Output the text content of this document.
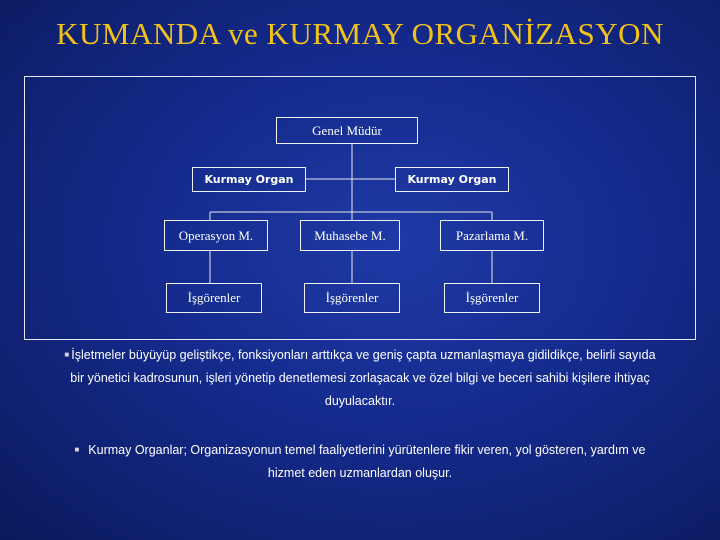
KUMANDA ve KURMAY ORGANİZASYON
Genel Müdür
Kurmay Organ	Kurmay Organ
Operasyon M.	Muhasebe M.	Pazarlama M.
İşgörenler	İşgörenler	İşgörenler
■ İşletmeler büyüyüp geliştikçe, fonksiyonları arttıkça ve geniş çapta uzmanlaşmaya gidildikçe, belirli sayıda
bir yönetici kadrosunun, işleri yönetip denetlemesi zorlaşacak ve özel bilgi ve beceri sahibi kişilere ihtiyaç
duyulacaktır.
■ Kurmay Organlar; Organizasyonun temel faaliyetlerini yürütenlere fikir veren, yol gösteren, yardım ve
hizmet eden uzmanlardan oluşur.
